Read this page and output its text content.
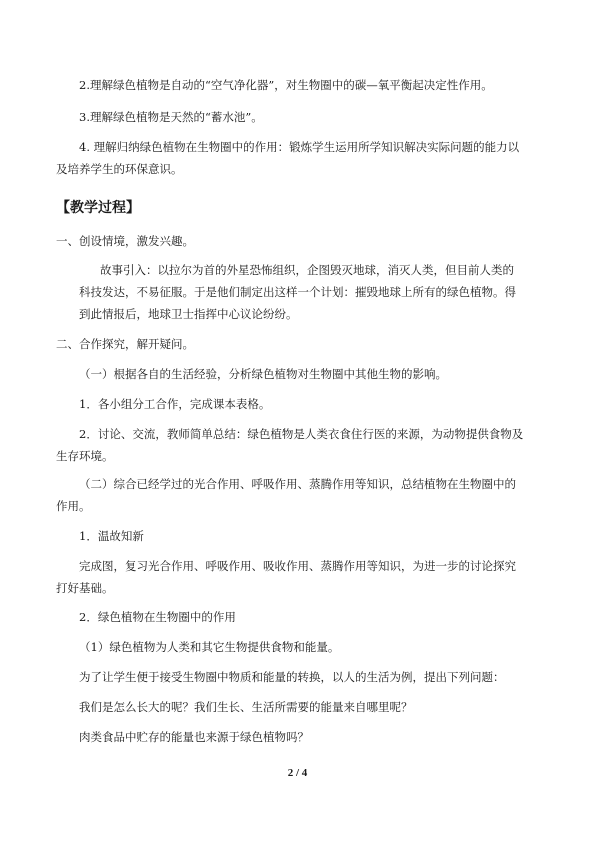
2.理解绿色植物是自动的“空气净化器”，对生物圈中的碳—氧平衡起决定性作用。
3.理解绿色植物是天然的“蓄水池”。
4. 理解归纳绿色植物在生物圈中的作用：锻炼学生运用所学知识解决实际问题的能力以
及培养学生的环保意识。
【教学过程】
一、创设情境，激发兴趣。
故事引入：以拉尔为首的外星恐怖组织，企图毁灭地球，消灭人类，但目前人类的
科技发达，不易征服。于是他们制定出这样一个计划：摧毁地球上所有的绿色植物。得
到此情报后，地球卫士指挥中心议论纷纷。
二、合作探究，解开疑问。
（一）根据各自的生活经验，分析绿色植物对生物圈中其他生物的影响。
1．各小组分工合作，完成课本表格。
2．讨论、交流，教师简单总结：绿色植物是人类衣食住行医的来源，为动物提供食物及
生存环境。
（二）综合已经学过的光合作用、呼吸作用、蒸腾作用等知识，总结植物在生物圈中的
作用。
1．温故知新
完成图，复习光合作用、呼吸作用、吸收作用、蒸腾作用等知识，为进一步的讨论探究
打好基础。
2．绿色植物在生物圈中的作用
（1）绿色植物为人类和其它生物提供食物和能量。
为了让学生便于接受生物圈中物质和能量的转换，以人的生活为例，提出下列问题：
我们是怎么长大的呢？我们生长、生活所需要的能量来自哪里呢？
肉类食品中贮存的能量也来源于绿色植物吗？
2 / 4
